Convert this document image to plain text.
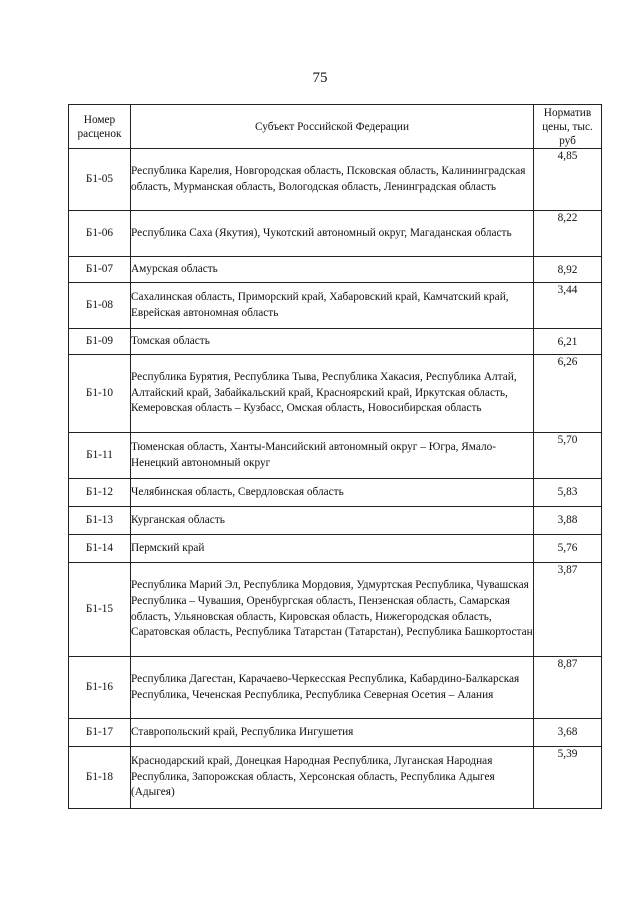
75
Номер расценок	Субъект Российской Федерации	Норматив цены, тыс. руб
Б1-05	Республика Карелия, Новгородская область, Псковская область, Калининградская область, Мурманская область, Вологодская область, Ленинградская область	4,85
Б1-06	Республика Саха (Якутия), Чукотский автономный округ, Магаданская область	8,22
Б1-07	Амурская область	8,92
Б1-08	Сахалинская область, Приморский край, Хабаровский край, Камчатский край, Еврейская автономная область	3,44
Б1-09	Томская область	6,21
Б1-10	Республика Бурятия, Республика Тыва, Республика Хакасия, Республика Алтай, Алтайский край, Забайкальский край, Красноярский край, Иркутская область, Кемеровская область – Кузбасс, Омская область, Новосибирская область	6,26
Б1-11	Тюменская область, Ханты-Мансийский автономный округ – Югра, Ямало-Ненецкий автономный округ	5,70
Б1-12	Челябинская область, Свердловская область	5,83
Б1-13	Курганская область	3,88
Б1-14	Пермский край	5,76
Б1-15	Республика Марий Эл, Республика Мордовия, Удмуртская Республика, Чувашская Республика – Чувашия, Оренбургская область, Пензенская область, Самарская область, Ульяновская область, Кировская область, Нижегородская область, Саратовская область, Республика Татарстан (Татарстан), Республика Башкортостан	3,87
Б1-16	Республика Дагестан, Карачаево-Черкесская Республика, Кабардино-Балкарская Республика, Чеченская Республика, Республика Северная Осетия – Алания	8,87
Б1-17	Ставропольский край, Республика Ингушетия	3,68
Б1-18	Краснодарский край, Донецкая Народная Республика, Луганская Народная Республика, Запорожская область, Херсонская область, Республика Адыгея (Адыгея)	5,39
